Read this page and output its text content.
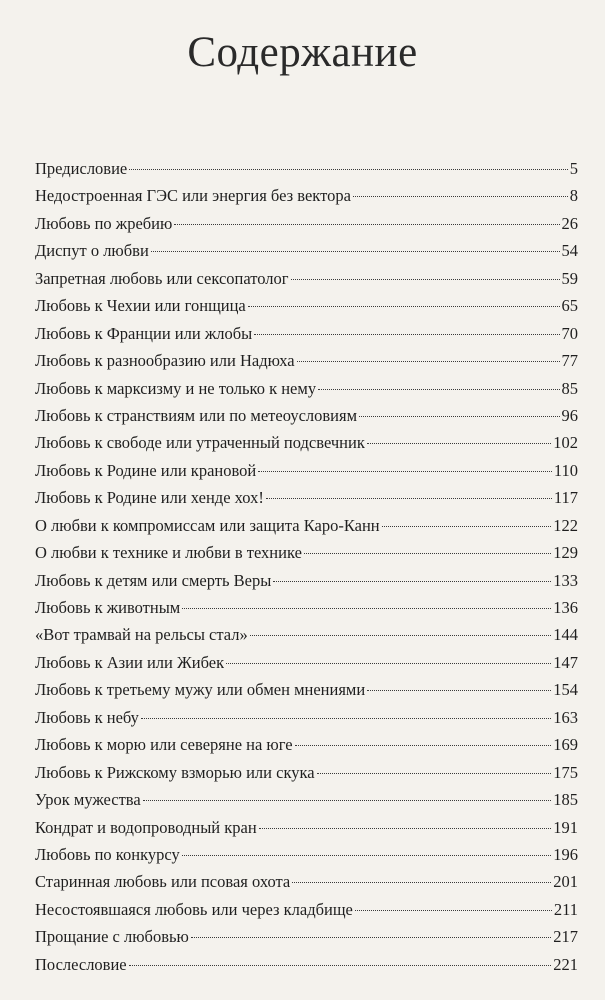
Содержание
Предисловие	5
Недостроенная ГЭС или энергия без вектора	8
Любовь по жребию	26
Диспут о любви	54
Запретная любовь или сексопатолог	59
Любовь к Чехии или гонщица	65
Любовь к Франции или жлобы	70
Любовь к разнообразию или Надюха	77
Любовь к марксизму и не только к нему	85
Любовь к странствиям или по метеоусловиям	96
Любовь к свободе или утраченный подсвечник	102
Любовь к Родине или крановой	110
Любовь к Родине или хенде хох!	117
О любви к компромиссам или защита Каро-Канн	122
О любви к технике и любви в технике	129
Любовь к детям или смерть Веры	133
Любовь к животным	136
«Вот трамвай на рельсы стал»	144
Любовь к Азии или Жибек	147
Любовь к третьему мужу или обмен мнениями	154
Любовь к небу	163
Любовь к морю или северяне на юге	169
Любовь к Рижскому взморью или скука	175
Урок мужества	185
Кондрат и водопроводный кран	191
Любовь по конкурсу	196
Старинная любовь или псовая охота	201
Несостоявшаяся любовь или через кладбище	211
Прощание с любовью	217
Послесловие	221
